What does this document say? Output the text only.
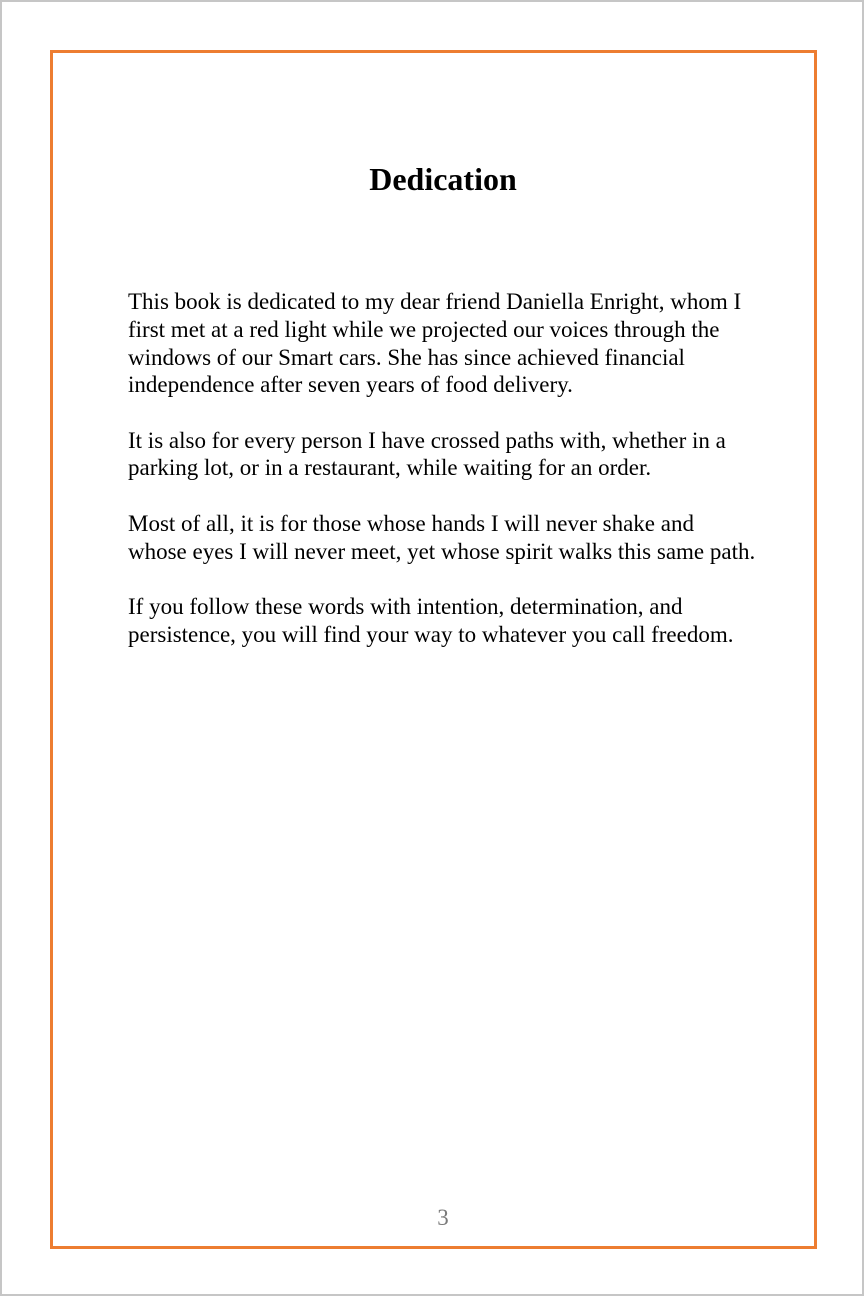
Dedication

This book is dedicated to my dear friend Daniella Enright, whom I first met at a red light while we projected our voices through the windows of our Smart cars. She has since achieved financial independence after seven years of food delivery.

It is also for every person I have crossed paths with, whether in a parking lot, or in a restaurant, while waiting for an order.

Most of all, it is for those whose hands I will never shake and whose eyes I will never meet, yet whose spirit walks this same path.

If you follow these words with intention, determination, and persistence, you will find your way to whatever you call freedom.

3
